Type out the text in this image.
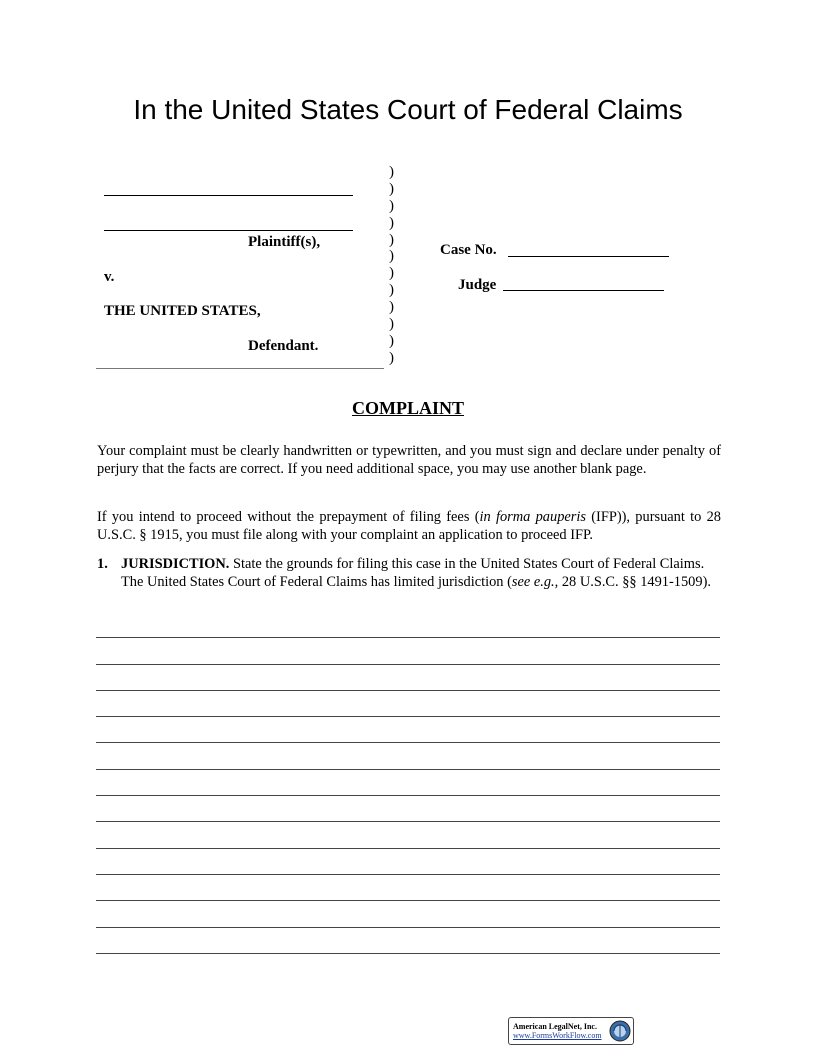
In the United States Court of Federal Claims
Plaintiff(s),
v.
THE UNITED STATES,
Defendant.
)
)
)
)
)
)
)
)
)
)
)
)
Case No.
Judge
COMPLAINT
Your complaint must be clearly handwritten or typewritten, and you must sign and declare under penalty of perjury that the facts are correct. If you need additional space, you may use another blank page.
If you intend to proceed without the prepayment of filing fees (in forma pauperis (IFP)), pursuant to 28 U.S.C. § 1915, you must file along with your complaint an application to proceed IFP.
1. JURISDICTION. State the grounds for filing this case in the United States Court of Federal Claims. The United States Court of Federal Claims has limited jurisdiction (see e.g., 28 U.S.C. §§ 1491-1509).
American LegalNet, Inc.
www.FormsWorkFlow.com
